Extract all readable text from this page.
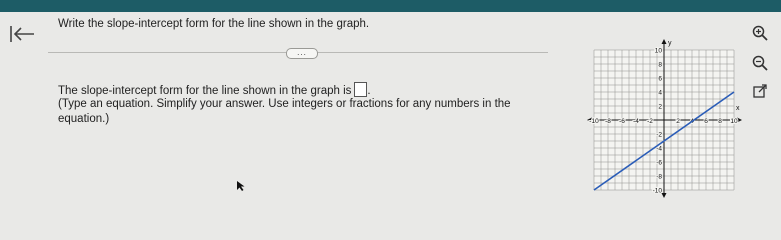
Write the slope-intercept form for the line shown in the graph.
...
The slope-intercept form for the line shown in the graph is .
(Type an equation. Simplify your answer. Use integers or fractions for any numbers in the equation.)
x
y
-10 -8 -6 -4 -2	2	6 8 10
10
8
6
4
2
-2
-4
-6
-8
-10
